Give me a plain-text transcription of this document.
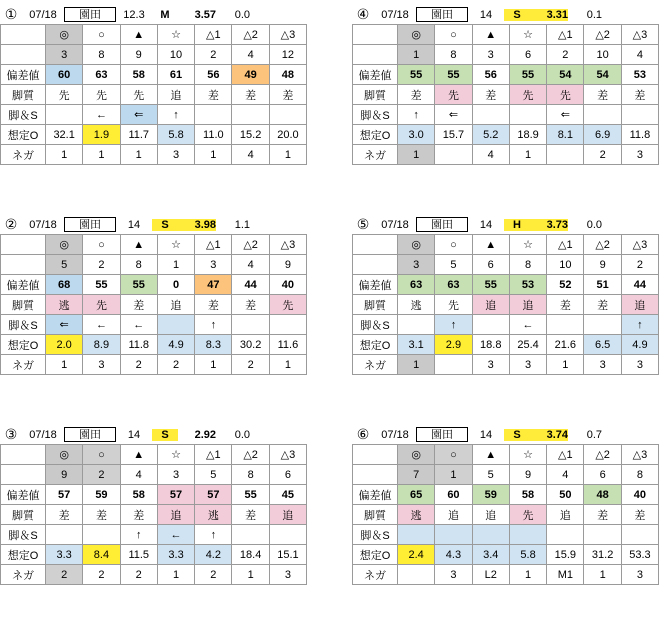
①	07/18	園田	12.3	M	3.57	0.0
	◎	○	▲	☆	△1	△2	△3
	3	8	9	10	2	4	12
偏差値	60	63	58	61	56	49	48
脚質	先	先	先	追	差	差	差
脚＆S		←	⇐	↑			
想定O	32.1	1.9	11.7	5.8	11.0	15.2	20.0
ネガ	1	1	1	3	1	4	1
④	07/18	園田	14	S	3.31	0.1
	◎	○	▲	☆	△1	△2	△3
	1	8	3	6	2	10	4
偏差値	55	55	56	55	54	54	53
脚質	差	先	差	先	先	差	差
脚＆S	↑	⇐			⇐		
想定O	3.0	15.7	5.2	18.9	8.1	6.9	11.8
ネガ	1		4	1		2	3
②	07/18	園田	14	S	3.98	1.1
	◎	○	▲	☆	△1	△2	△3
	5	2	8	1	3	4	9
偏差値	68	55	55	0	47	44	40
脚質	逃	先	差	追	差	差	先
脚＆S	⇐	←	←		↑		
想定O	2.0	8.9	11.8	4.9	8.3	30.2	11.6
ネガ	1	3	2	2	1	2	1
⑤	07/18	園田	14	H	3.73	0.0
	◎	○	▲	☆	△1	△2	△3
	3	5	6	8	10	9	2
偏差値	63	63	55	53	52	51	44
脚質	逃	先	追	追	差	差	追
脚＆S		↑		←			↑
想定O	3.1	2.9	18.8	25.4	21.6	6.5	4.9
ネガ	1		3	3	1	3	3
③	07/18	園田	14	S	2.92	0.0
	◎	○	▲	☆	△1	△2	△3
	9	2	4	3	5	8	6
偏差値	57	59	58	57	57	55	45
脚質	差	差	差	追	逃	差	追
脚＆S			↑	←	↑		
想定O	3.3	8.4	11.5	3.3	4.2	18.4	15.1
ネガ	2	2	2	1	2	1	3
⑥	07/18	園田	14	S	3.74	0.7
	◎	○	▲	☆	△1	△2	△3
	7	1	5	9	4	6	8
偏差値	65	60	59	58	50	48	40
脚質	逃	追	追	先	追	差	差
脚＆S							
想定O	2.4	4.3	3.4	5.8	15.9	31.2	53.3
ネガ		3	L2	1	M1	1	3
